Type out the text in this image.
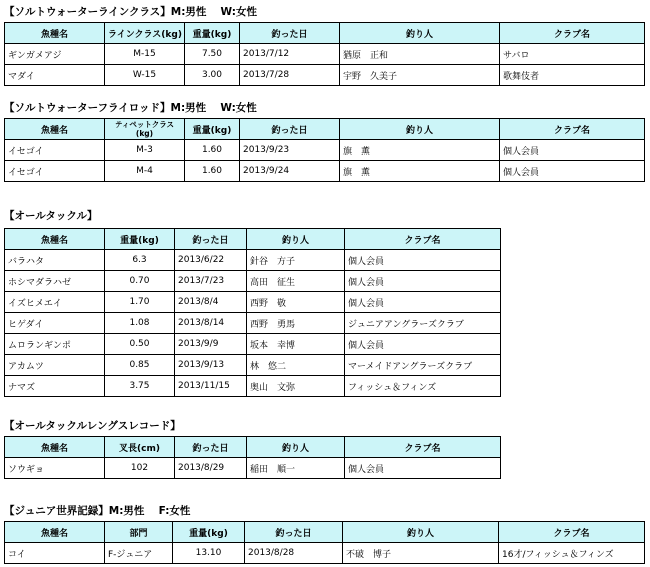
【ソルトウォーターラインクラス】M:男性　 W:女性
魚種名	ラインクラス(kg)	重量(kg)	釣った日	釣り人	クラブ名
ギンガメアジ	M-15	7.50	2013/7/12	猶原　正和	サバロ
マダイ	W-15	3.00	2013/7/28	宇野　久美子	歌舞伎者
【ソルトウォーターフライロッド】M:男性　 W:女性
魚種名	ティペットクラス(kg)	重量(kg)	釣った日	釣り人	クラブ名
イセゴイ	M-3	1.60	2013/9/23	旗　薫	個人会員
イセゴイ	M-4	1.60	2013/9/24	旗　薫	個人会員
【オールタックル】
魚種名	重量(kg)	釣った日	釣り人	クラブ名
バラハタ	6.3	2013/6/22	針谷　方子	個人会員
ホシマダラハゼ	0.70	2013/7/23	高田　征生	個人会員
イズヒメエイ	1.70	2013/8/4	西野　敬	個人会員
ヒゲダイ	1.08	2013/8/14	西野　勇馬	ジュニアアングラーズクラブ
ムロランギンポ	0.50	2013/9/9	坂本　幸博	個人会員
アカムツ	0.85	2013/9/13	林　悠二	マーメイドアングラーズクラブ
ナマズ	3.75	2013/11/15	奥山　文弥	フィッシュ＆フィンズ
【オールタックルレングスレコード】
魚種名	叉長(cm)	釣った日	釣り人	クラブ名
ソウギョ	102	2013/8/29	稲田　順一	個人会員
【ジュニア世界記録】M:男性　 F:女性
魚種名	部門	重量(kg)	釣った日	釣り人	クラブ名
コイ	F-ジュニア	13.10	2013/8/28	不破　博子	16才/フィッシュ＆フィンズ
